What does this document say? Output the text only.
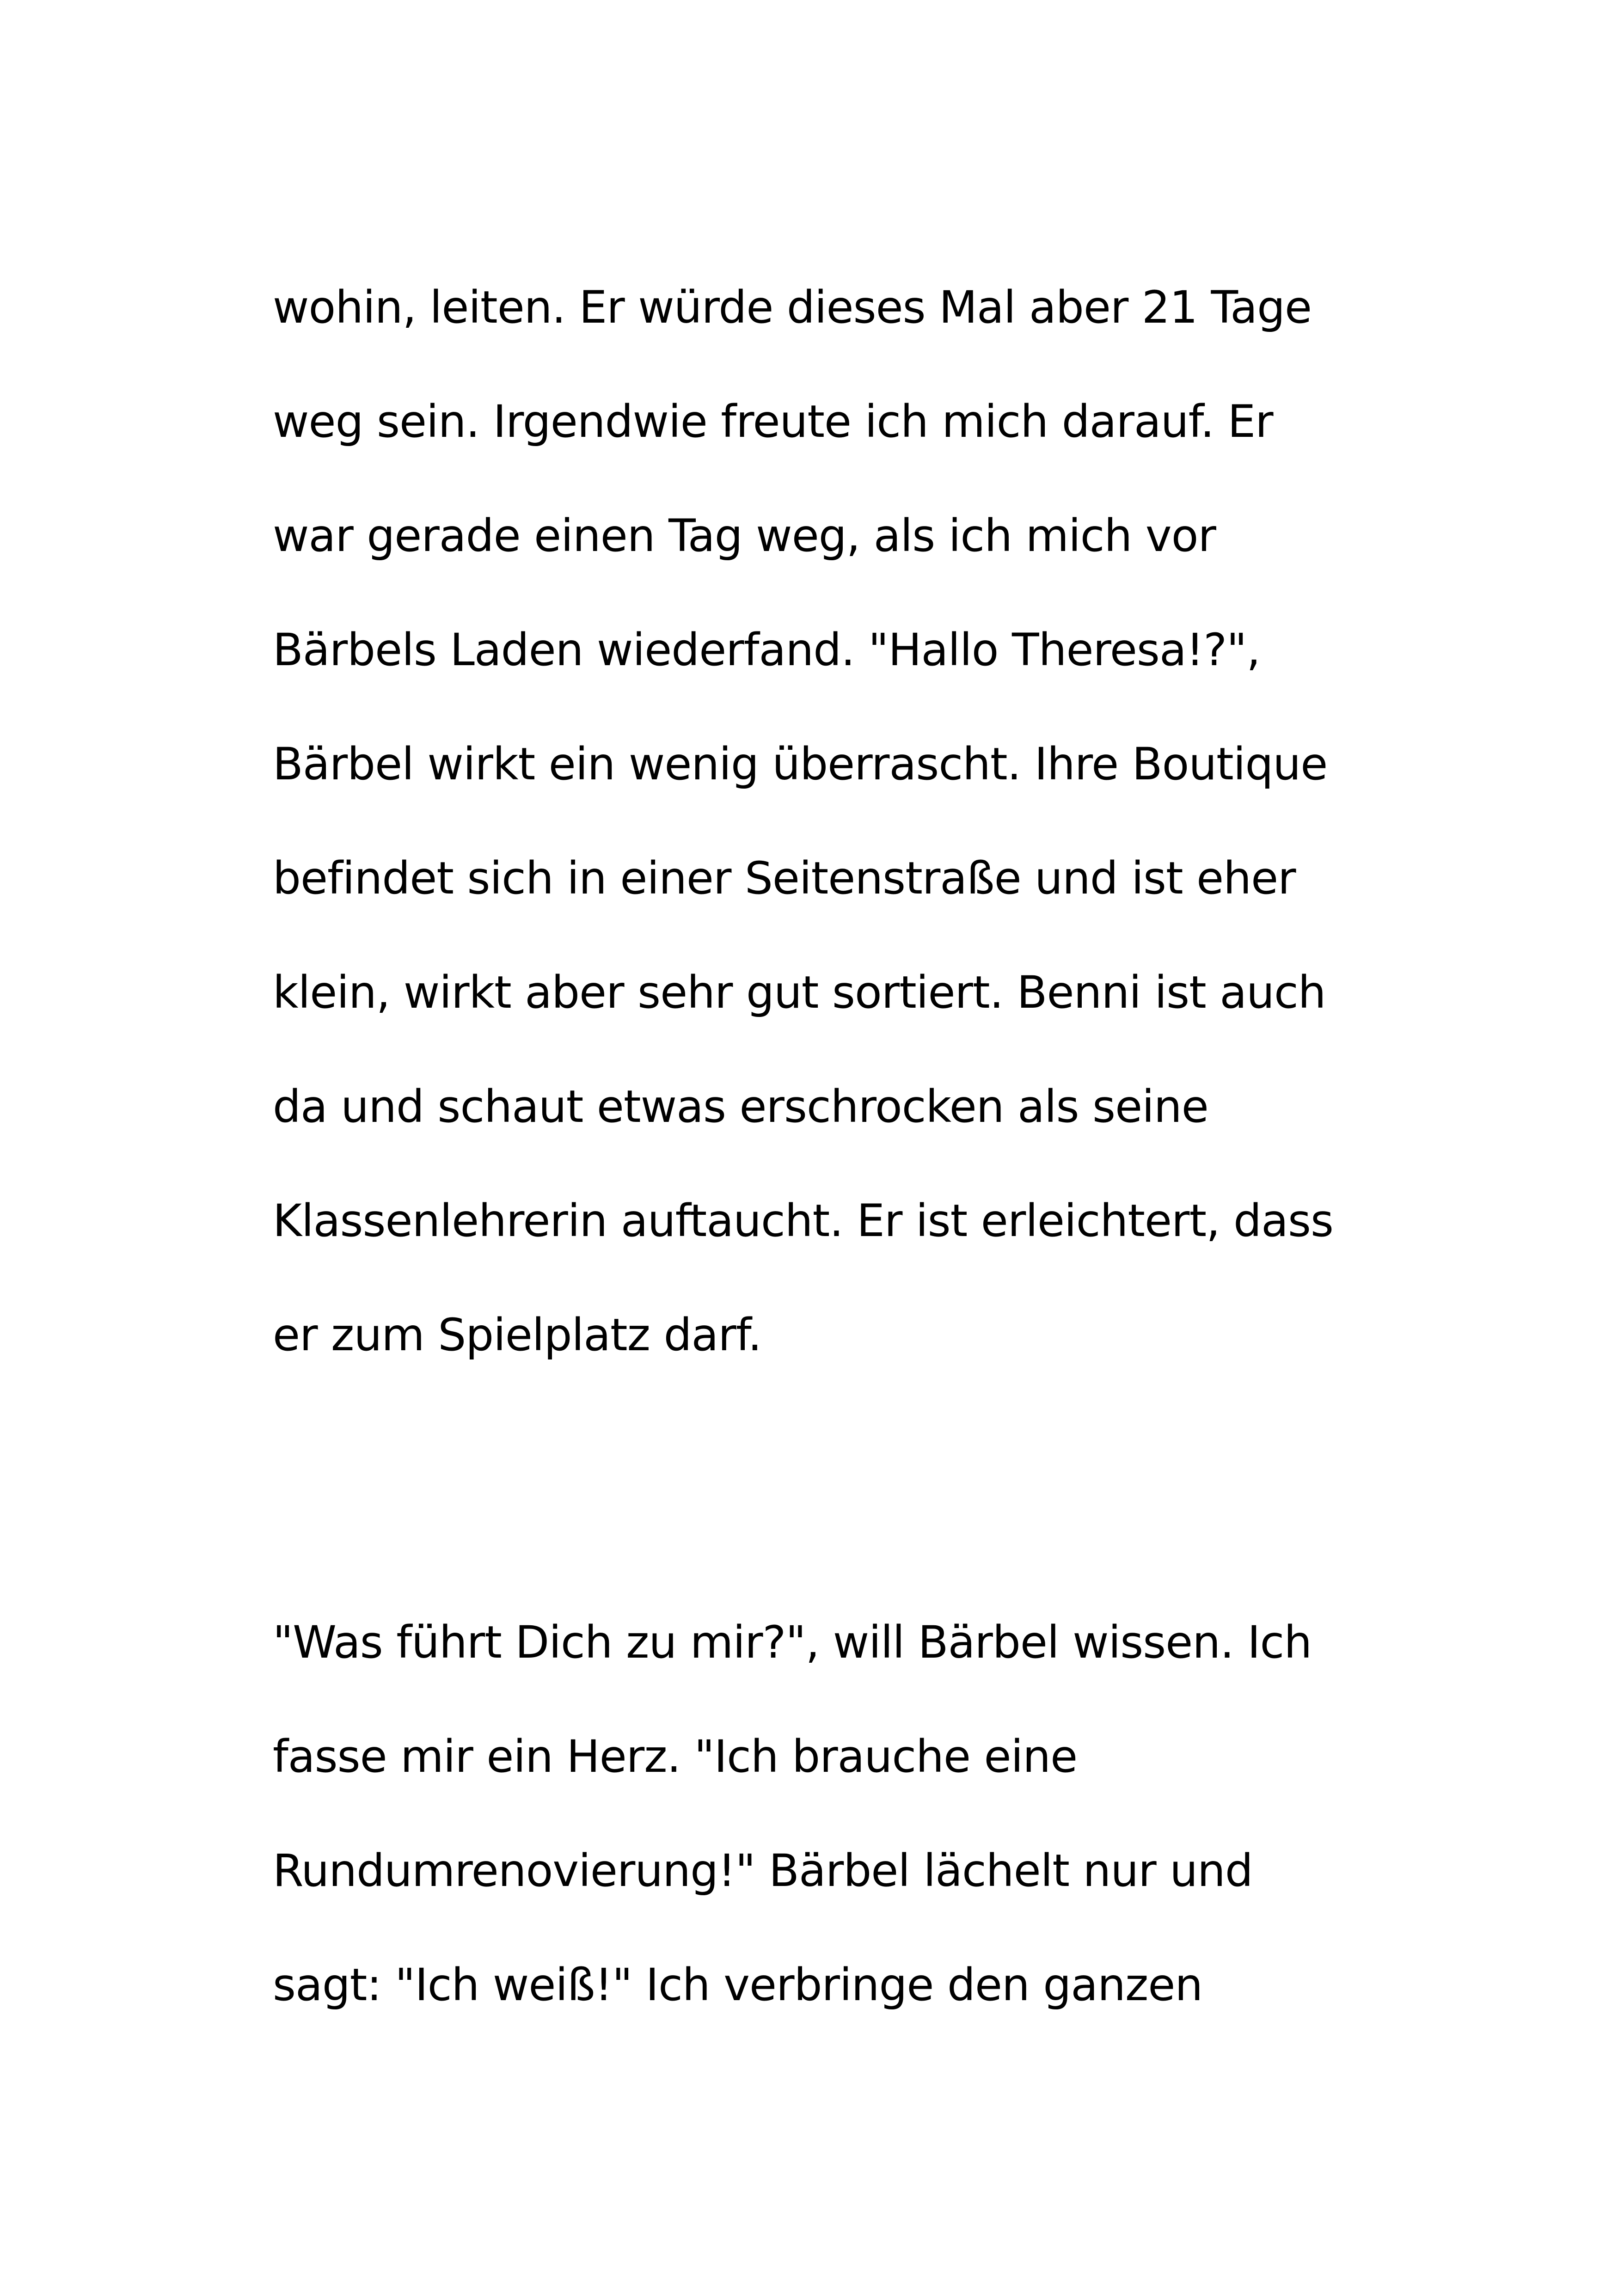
wohin, leiten. Er würde dieses Mal aber 21 Tage
weg sein. Irgendwie freute ich mich darauf. Er
war gerade einen Tag weg, als ich mich vor
Bärbels Laden wiederfand. "Hallo Theresa!?",
Bärbel wirkt ein wenig überrascht. Ihre Boutique
befindet sich in einer Seitenstraße und ist eher
klein, wirkt aber sehr gut sortiert. Benni ist auch
da und schaut etwas erschrocken als seine
Klassenlehrerin auftaucht. Er ist erleichtert, dass
er zum Spielplatz darf.
"Was führt Dich zu mir?", will Bärbel wissen. Ich
fasse mir ein Herz. "Ich brauche eine
Rundumrenovierung!" Bärbel lächelt nur und
sagt: "Ich weiß!" Ich verbringe den ganzen
